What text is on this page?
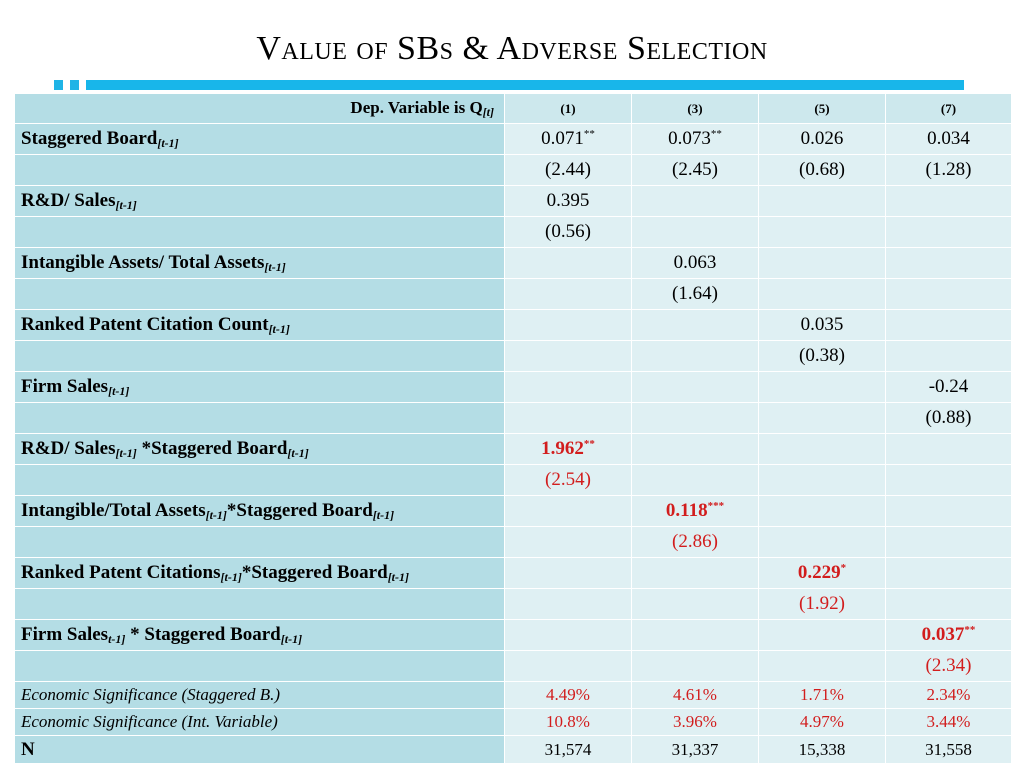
Value of SBs & Adverse Selection
Dep. Variable is $Q_{[t]}$	(1)	(3)	(5)	(7)
Staggered Board$_{[t-1]}$	0.071**	0.073**	0.026	0.034
	(2.44)	(2.45)	(0.68)	(1.28)
R&D/ Sales$_{[t-1]}$	0.395			
	(0.56)			
Intangible Assets/ Total Assets$_{[t-1]}$		0.063		
		(1.64)		
Ranked Patent Citation Count$_{[t-1]}$			0.035	
			(0.38)	
Firm Sales$_{[t-1]}$				-0.24
				(0.88)
R&D/ Sales$_{[t-1]}$ *Staggered Board$_{[t-1]}$	1.962**			
	(2.54)			
Intangible/Total Assets$_{[t-1]}$*Staggered Board$_{[t-1]}$		0.118***		
		(2.86)		
Ranked Patent Citations$_{[t-1]}$*Staggered Board$_{[t-1]}$			0.229*	
			(1.92)	
Firm Sales$_{t-1]}$ * Staggered Board$_{[t-1]}$				0.037**
				(2.34)
Economic Significance (Staggered B.)	4.49%	4.61%	1.71%	2.34%
Economic Significance (Int. Variable)	10.8%	3.96%	4.97%	3.44%
N	31,574	31,337	15,338	31,558
